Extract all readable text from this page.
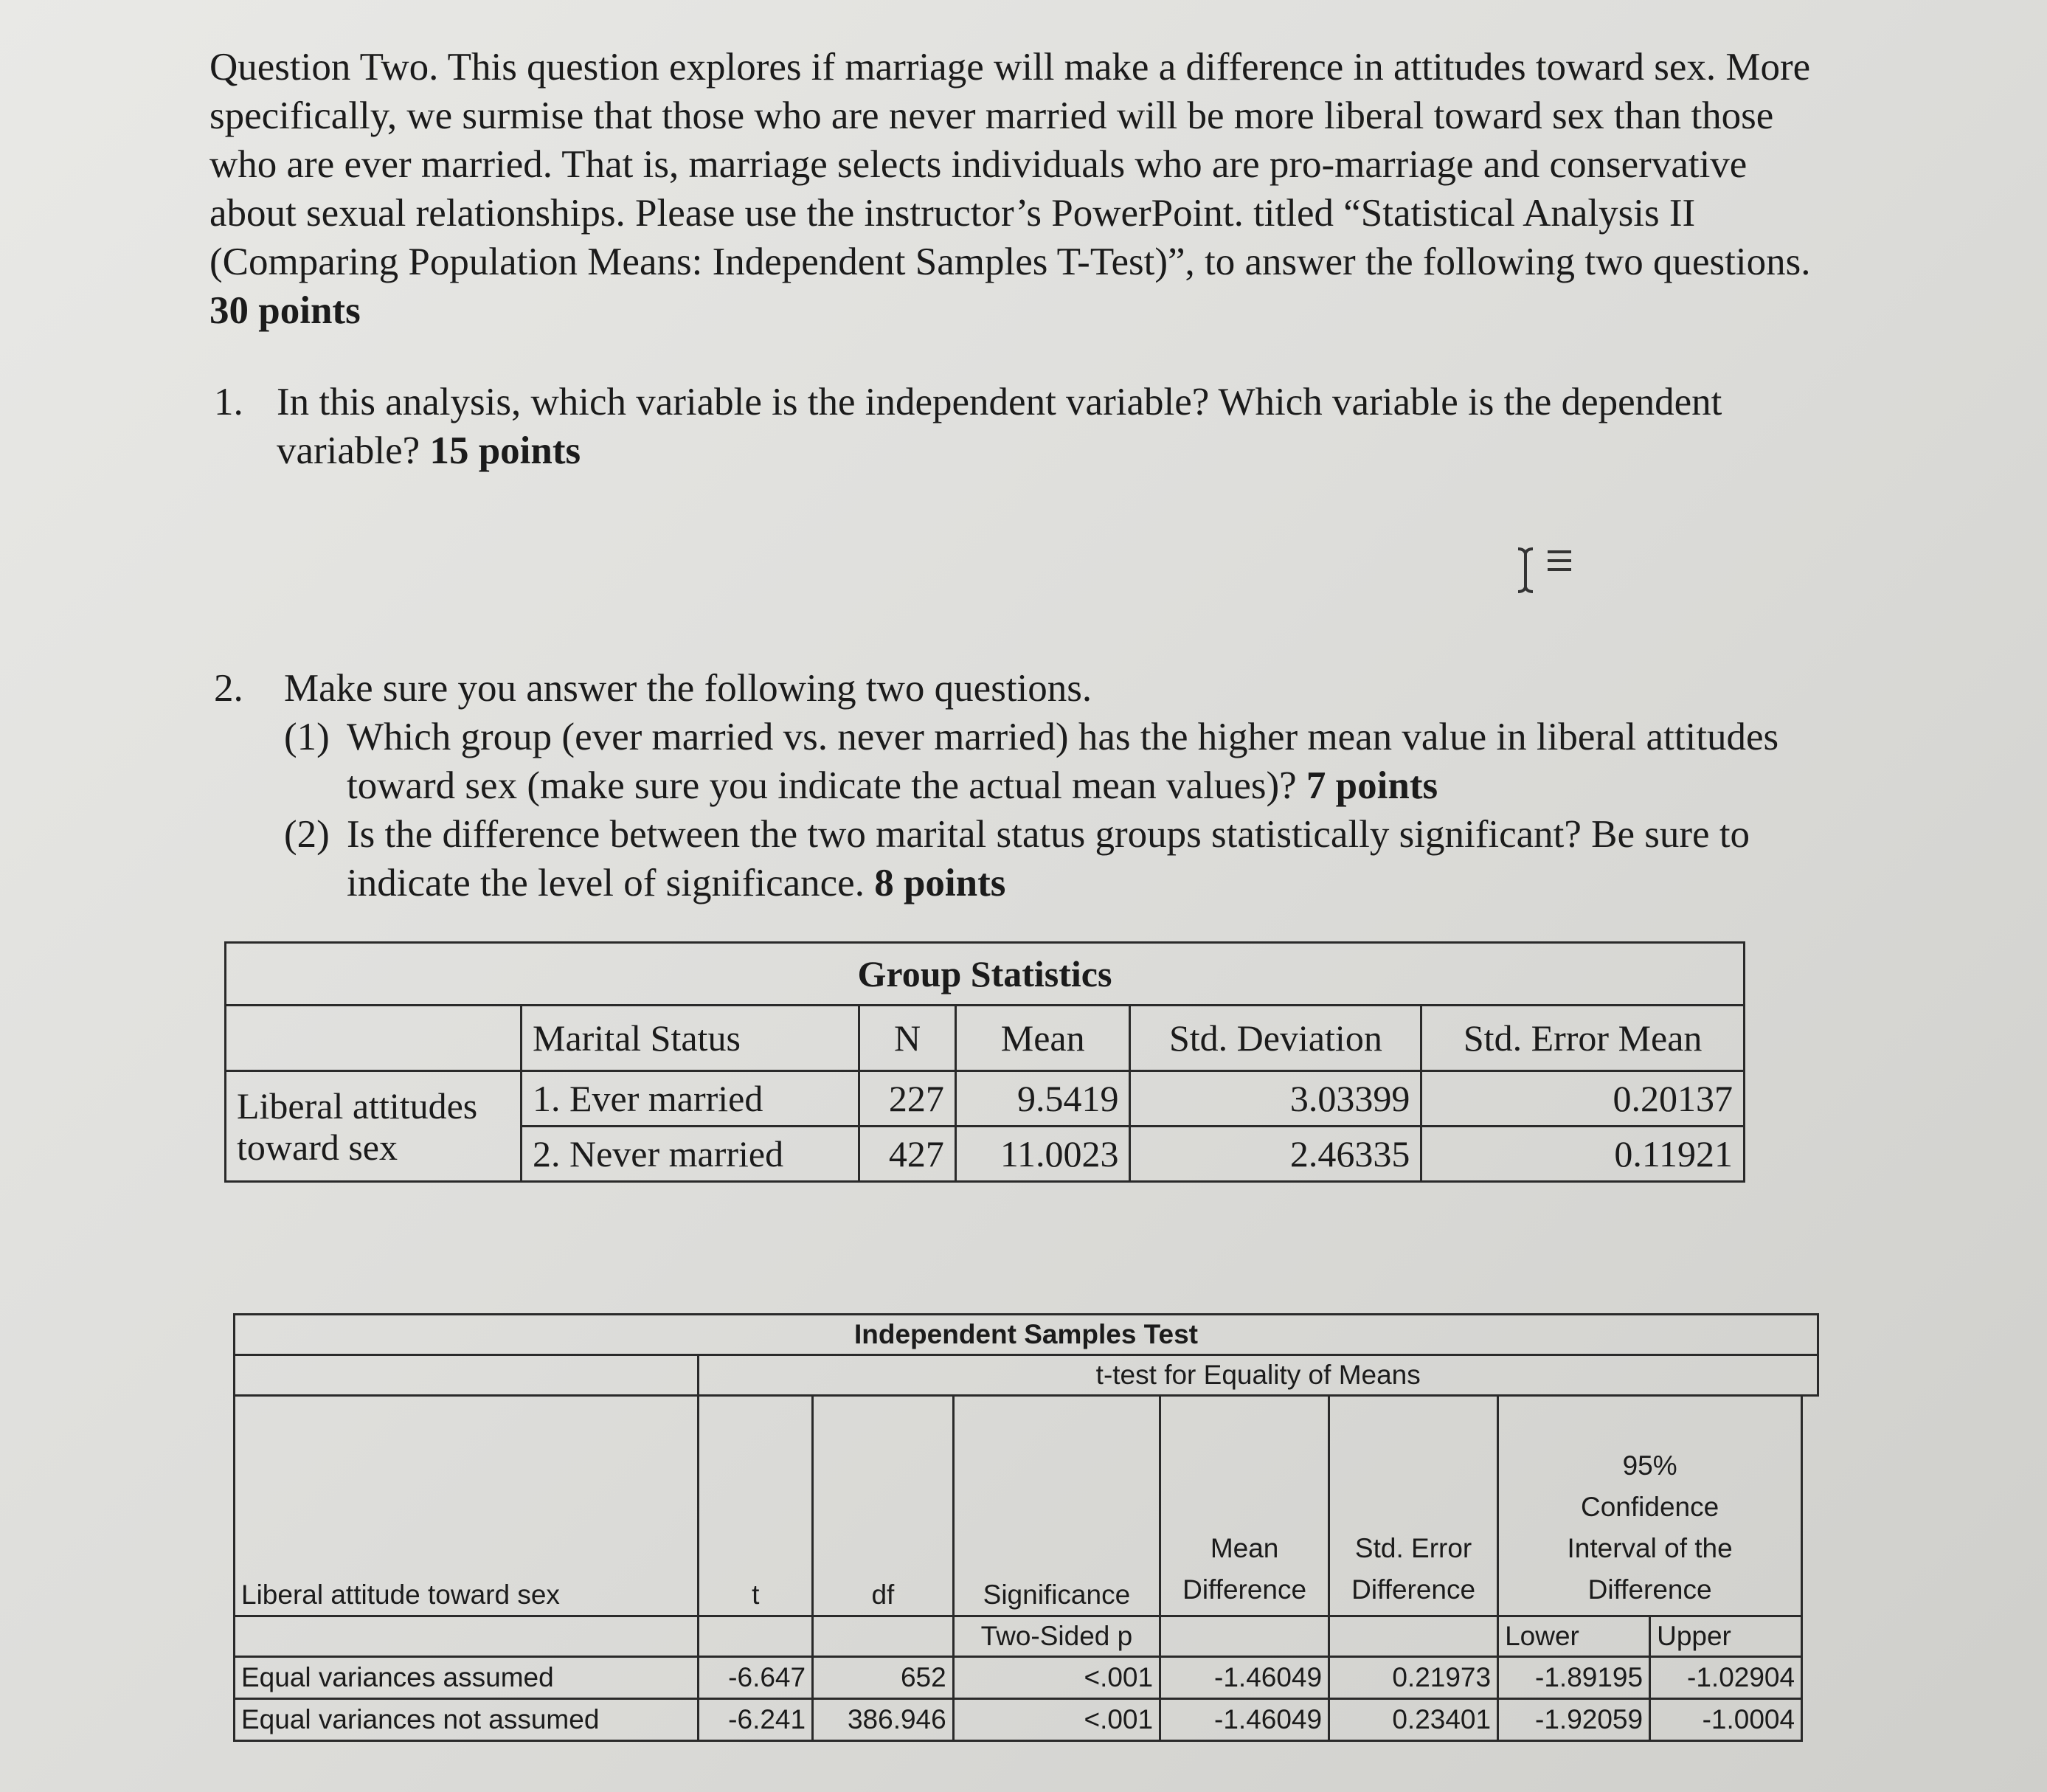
Question Two. This question explores if marriage will make a difference in attitudes toward sex. More specifically, we surmise that those who are never married will be more liberal toward sex than those who are ever married. That is, marriage selects individuals who are pro-marriage and conservative about sexual relationships. Please use the instructor’s PowerPoint. titled “Statistical Analysis II (Comparing Population Means: Independent Samples T-Test)”, to answer the following two questions. 30 points

1. In this analysis, which variable is the independent variable? Which variable is the dependent variable? 15 points
2. Make sure you answer the following two questions.
(1) Which group (ever married vs. never married) has the higher mean value in liberal attitudes toward sex (make sure you indicate the actual mean values)? 7 points
(2) Is the difference between the two marital status groups statistically significant? Be sure to indicate the level of significance. 8 points
Group Statistics					
	Marital Status	N	Mean	Std. Deviation	Std. Error Mean
Liberal attitudes toward sex	1. Ever married	227	9.5419	3.03399	0.20137
	2. Never married	427	11.0023	2.46335	0.11921
Independent Samples Test								
	t-test for Equality of Means							
Liberal attitude toward sex	t	df	Significance	Mean Difference	Std. Error Difference	95% Confidence Interval of the Difference		

			Two-Sided p			Lower	Upper	
Equal variances assumed	-6.647	652	<.001	-1.46049	0.21973	-1.89195	-1.02904	
Equal variances not assumed	-6.241	386.946	<.001	-1.46049	0.23401	-1.92059	-1.0004	
